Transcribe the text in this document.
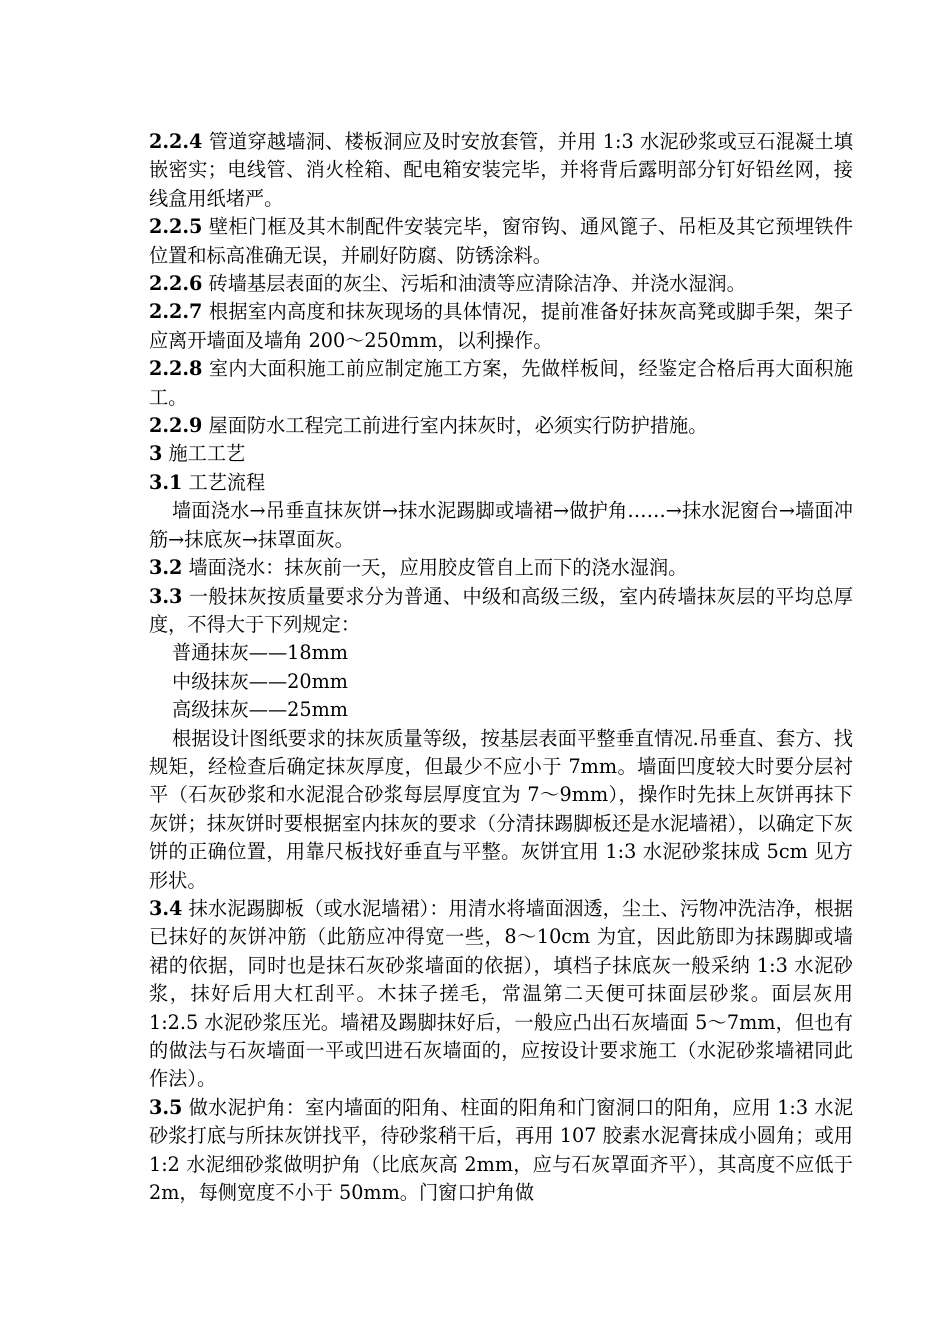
2.2.4 管道穿越墙洞、楼板洞应及时安放套管，并用 1:3 水泥砂浆或豆石混凝土填嵌密实；电线管、消火栓箱、配电箱安装完毕，并将背后露明部分钉好铅丝网，接线盒用纸堵严。

2.2.5 壁柜门框及其木制配件安装完毕，窗帘钩、通风篦子、吊柜及其它预埋铁件位置和标高准确无误，并刷好防腐、防锈涂料。

2.2.6 砖墙基层表面的灰尘、污垢和油渍等应清除洁净、并浇水湿润。

2.2.7 根据室内高度和抹灰现场的具体情况，提前准备好抹灰高凳或脚手架，架子应离开墙面及墙角 200～250mm，以利操作。

2.2.8 室内大面积施工前应制定施工方案，先做样板间，经鉴定合格后再大面积施工。

2.2.9 屋面防水工程完工前进行室内抹灰时，必须实行防护措施。

3 施工工艺

3.1 工艺流程

墙面浇水→吊垂直抹灰饼→抹水泥踢脚或墙裙→做护角……→抹水泥窗台→墙面冲筋→抹底灰→抹罩面灰。

3.2 墙面浇水：抹灰前一天，应用胶皮管自上而下的浇水湿润。

3.3 一般抹灰按质量要求分为普通、中级和高级三级，室内砖墙抹灰层的平均总厚度，不得大于下列规定：

普通抹灰——18mm

中级抹灰——20mm

高级抹灰——25mm

根据设计图纸要求的抹灰质量等级，按基层表面平整垂直情况.吊垂直、套方、找规矩，经检查后确定抹灰厚度，但最少不应小于 7mm。墙面凹度较大时要分层衬平（石灰砂浆和水泥混合砂浆每层厚度宜为 7～9mm），操作时先抹上灰饼再抹下灰饼；抹灰饼时要根据室内抹灰的要求（分清抹踢脚板还是水泥墙裙），以确定下灰饼的正确位置，用靠尺板找好垂直与平整。灰饼宜用 1:3 水泥砂浆抹成 5cm 见方形状。

3.4 抹水泥踢脚板（或水泥墙裙）：用清水将墙面洇透，尘土、污物冲洗洁净，根据已抹好的灰饼冲筋（此筋应冲得宽一些，8～10cm 为宜，因此筋即为抹踢脚或墙裙的依据，同时也是抹石灰砂浆墙面的依据），填档子抹底灰一般采纳 1:3 水泥砂浆，抹好后用大杠刮平。木抹子搓毛，常温第二天便可抹面层砂浆。面层灰用 1:2.5 水泥砂浆压光。墙裙及踢脚抹好后，一般应凸出石灰墙面 5～7mm，但也有的做法与石灰墙面一平或凹进石灰墙面的，应按设计要求施工（水泥砂浆墙裙同此作法）。

3.5 做水泥护角：室内墙面的阳角、柱面的阳角和门窗洞口的阳角，应用 1:3 水泥砂浆打底与所抹灰饼找平，待砂浆稍干后，再用 107 胶素水泥膏抹成小圆角；或用 1:2 水泥细砂浆做明护角（比底灰高 2mm，应与石灰罩面齐平），其高度不应低于 2m，每侧宽度不小于 50mm。门窗口护角做
